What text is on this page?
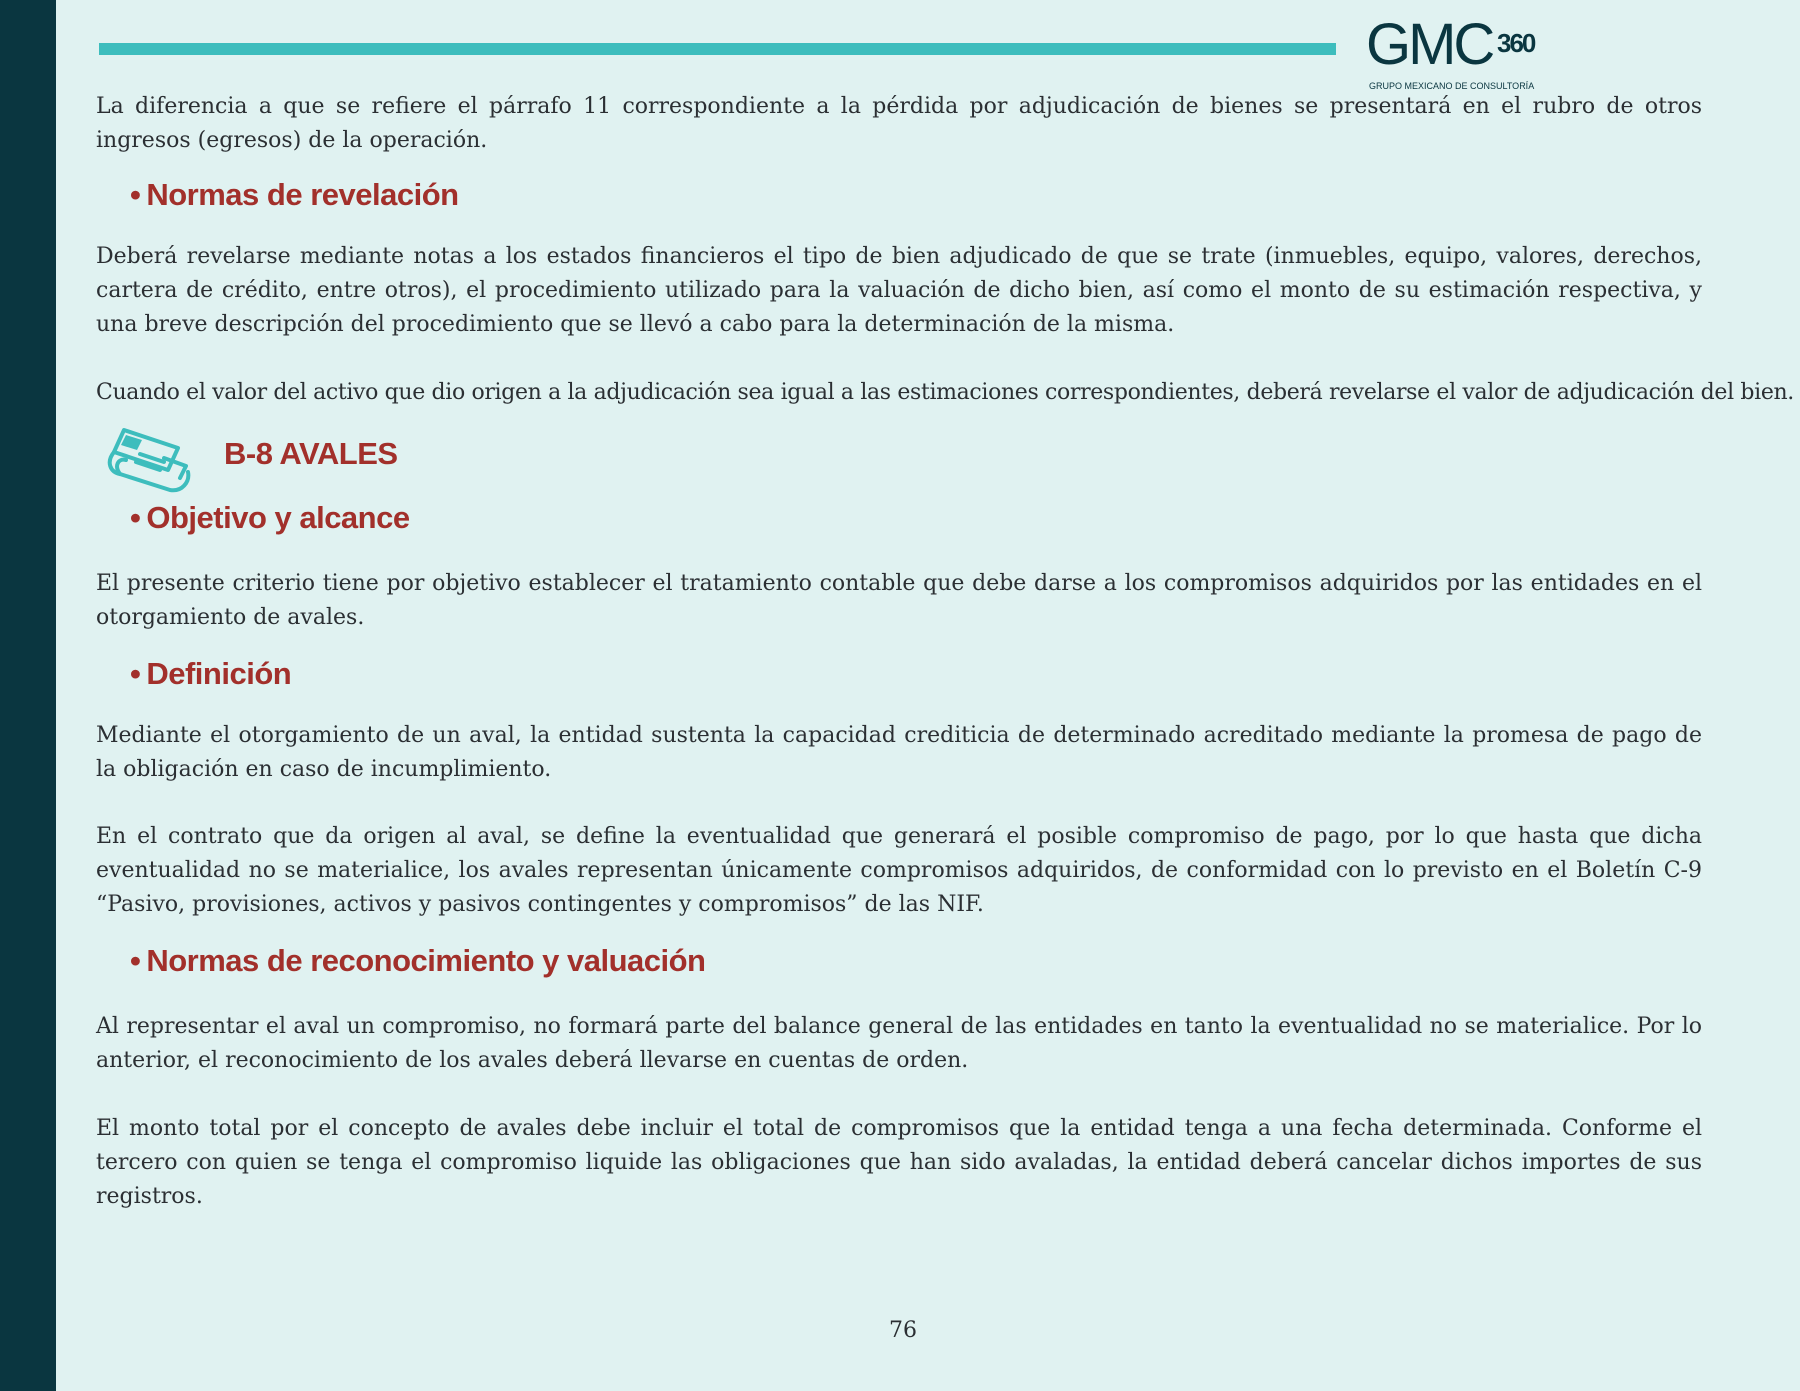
GMC 360
GRUPO MEXICANO DE CONSULTORÍA

La diferencia a que se refiere el párrafo 11 correspondiente a la pérdida por adjudicación de bienes se presentará en el rubro de otros ingresos (egresos) de la operación.

• Normas de revelación

Deberá revelarse mediante notas a los estados financieros el tipo de bien adjudicado de que se trate (inmuebles, equipo, valores, derechos, cartera de crédito, entre otros), el procedimiento utilizado para la valuación de dicho bien, así como el monto de su estimación respectiva, y una breve descripción del procedimiento que se llevó a cabo para la determinación de la misma.

Cuando el valor del activo que dio origen a la adjudicación sea igual a las estimaciones correspondientes, deberá revelarse el valor de adjudicación del bien.

B-8 AVALES
• Objetivo y alcance

El presente criterio tiene por objetivo establecer el tratamiento contable que debe darse a los compromisos adquiridos por las entidades en el otorgamiento de avales.

• Definición

Mediante el otorgamiento de un aval, la entidad sustenta la capacidad crediticia de determinado acreditado mediante la promesa de pago de la obligación en caso de incumplimiento.

En el contrato que da origen al aval, se define la eventualidad que generará el posible compromiso de pago, por lo que hasta que dicha eventualidad no se materialice, los avales representan únicamente compromisos adquiridos, de conformidad con lo previsto en el Boletín C-9 “Pasivo, provisiones, activos y pasivos contingentes y compromisos” de las NIF.

• Normas de reconocimiento y valuación

Al representar el aval un compromiso, no formará parte del balance general de las entidades en tanto la eventualidad no se materialice. Por lo anterior, el reconocimiento de los avales deberá llevarse en cuentas de orden.

El monto total por el concepto de avales debe incluir el total de compromisos que la entidad tenga a una fecha determinada. Conforme el tercero con quien se tenga el compromiso liquide las obligaciones que han sido avaladas, la entidad deberá cancelar dichos importes de sus registros.

76
